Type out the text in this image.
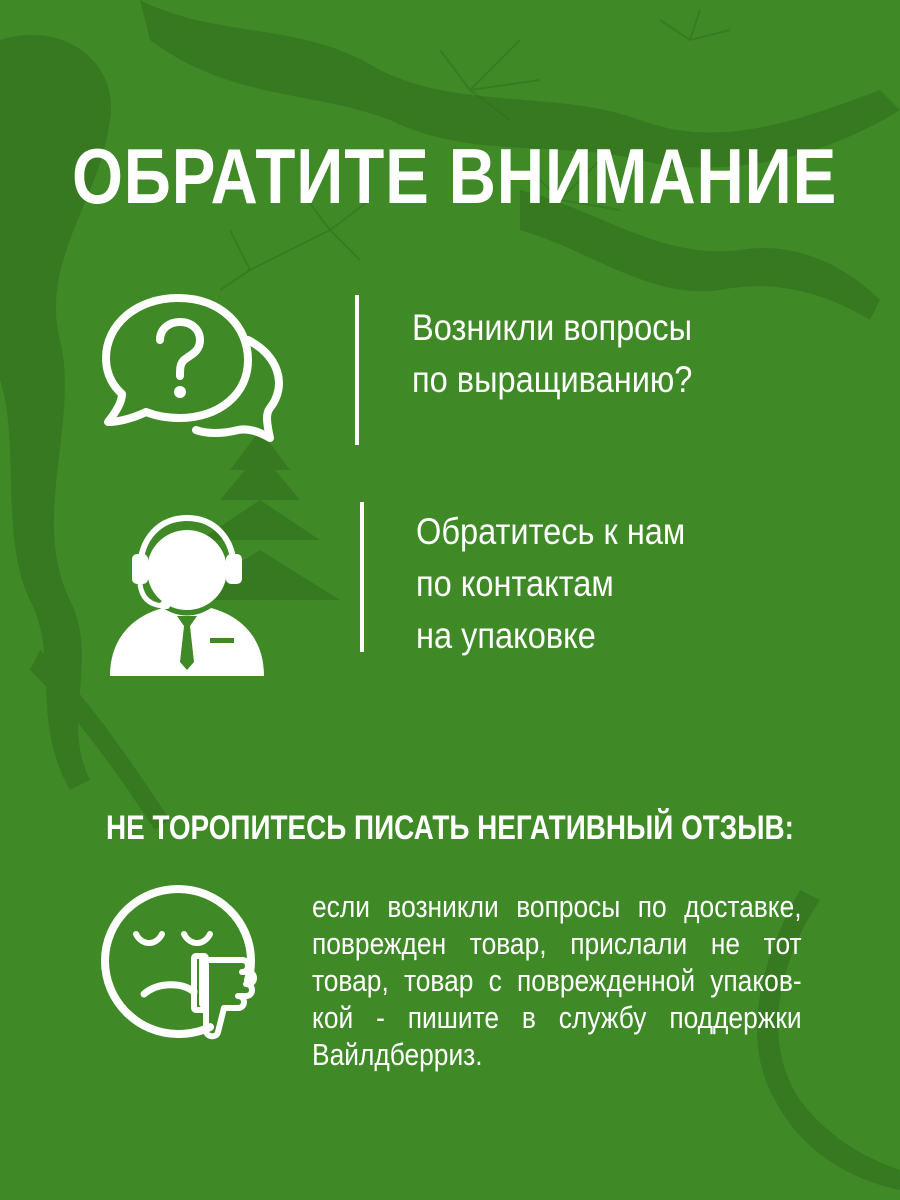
ОБРАТИТЕ ВНИМАНИЕ
Возникли вопросы
по выращиванию?
Обратитесь к нам
по контактам
на упаковке
НЕ ТОРОПИТЕСЬ ПИСАТЬ НЕГАТИВНЫЙ ОТЗЫВ:
если возникли вопросы по доставке,
поврежден товар, прислали не тот
товар, товар с поврежденной упаков-
кой - пишите в службу поддержки
Вайлдберриз.
